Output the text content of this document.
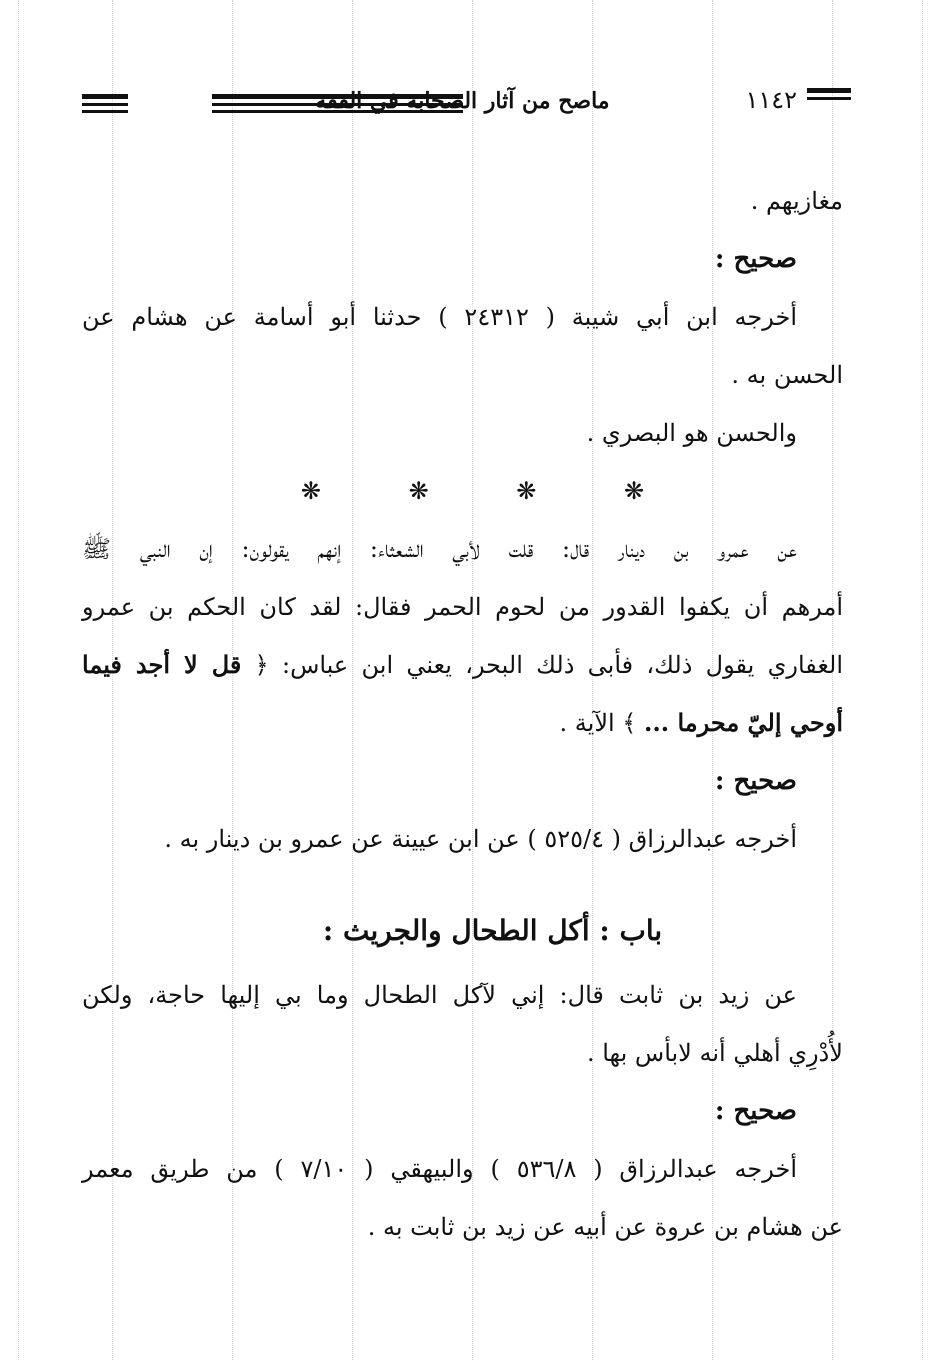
١١٤٢
ماصح من آثار الصحابة في الفقه
مغازيهم .
صحيح :
أخرجه ابن أبي شيبة ( ٢٤٣١٢ ) حدثنا أبو أسامة عن هشام عن
الحسن به .
والحسن هو البصري .
❋ ❋ ❋ ❋
عن عمرو بن دينار قال: قلت لأبي الشعثاء: إنهم يقولون: إن النبي ﷺ
أمرهم أن يكفوا القدور من لحوم الحمر فقال: لقد كان الحكم بن عمرو
الغفاري يقول ذلك، فأبى ذلك البحر، يعني ابن عباس: ﴿ قل لا أجد فيما
أوحي إليّ محرما ... ﴾ الآية .
صحيح :
أخرجه عبدالرزاق ( ٥٢٥/٤ ) عن ابن عيينة عن عمرو بن دينار به .
باب : أكل الطحال والجريث :
عن زيد بن ثابت قال: إني لآكل الطحال وما بي إليها حاجة، ولكن
لأُدْرِي أهلي أنه لابأس بها .
صحيح :
أخرجه عبدالرزاق ( ٥٣٦/٨ ) والبيهقي ( ٧/١٠ ) من طريق معمر
عن هشام بن عروة عن أبيه عن زيد بن ثابت به .
